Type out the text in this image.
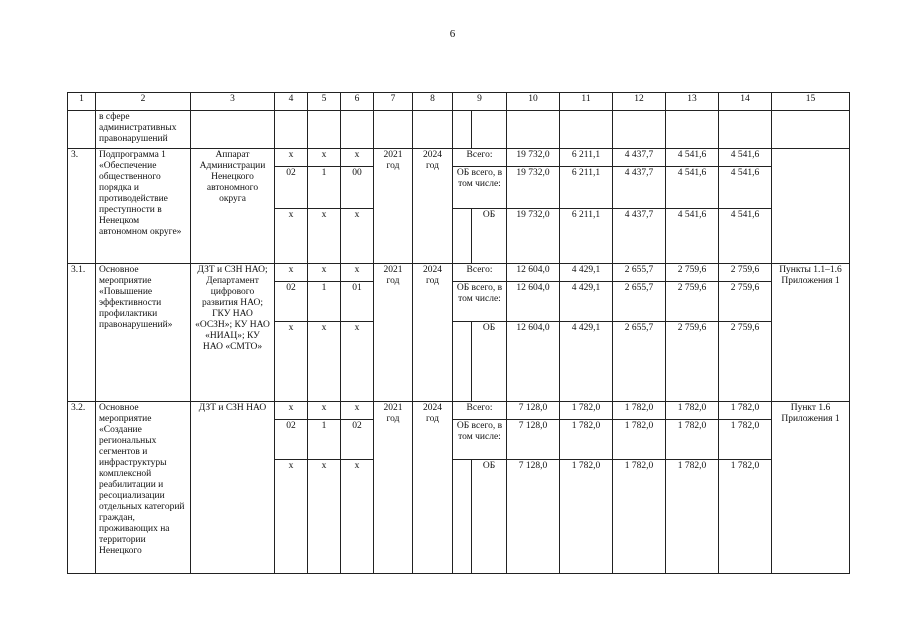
6
1	2	3	4	5	6	7	8	9		10	11	12	13	14	15
	в сфере административных правонарушений														
3.	Подпрограмма 1 «Обеспечение общественного порядка и противодействие преступности в Ненецком автономном округе»	Аппарат Администрации Ненецкого автономного округа	х	х	х	2021 год	2024 год	Всего:		19 732,0	6 211,1	4 437,7	4 541,6	4 541,6	
			02	1	00			ОБ всего, в том числе:		19 732,0	6 211,1	4 437,7	4 541,6	4 541,6	
			х	х	х				ОБ	19 732,0	6 211,1	4 437,7	4 541,6	4 541,6	
3.1.	Основное мероприятие «Повышение эффективности профилактики правонарушений»	ДЗТ и СЗН НАО; Департамент цифрового развития НАО; ГКУ НАО «ОСЗН»; КУ НАО «НИАЦ»; КУ НАО «СМТО»	х	х	х	2021 год	2024 год	Всего:		12 604,0	4 429,1	2 655,7	2 759,6	2 759,6	Пункты 1.1–1.6 Приложения 1
			02	1	01			ОБ всего, в том числе:		12 604,0	4 429,1	2 655,7	2 759,6	2 759,6	
			х	х	х				ОБ	12 604,0	4 429,1	2 655,7	2 759,6	2 759,6	
3.2.	Основное мероприятие «Создание региональных сегментов и инфраструктуры комплексной реабилитации и ресоциализации отдельных категорий граждан, проживающих на территории Ненецкого	ДЗТ и СЗН НАО	х	х	х	2021 год	2024 год	Всего:		7 128,0	1 782,0	1 782,0	1 782,0	1 782,0	Пункт 1.6 Приложения 1
			02	1	02			ОБ всего, в том числе:		7 128,0	1 782,0	1 782,0	1 782,0	1 782,0	
			х	х	х				ОБ	7 128,0	1 782,0	1 782,0	1 782,0	1 782,0	
